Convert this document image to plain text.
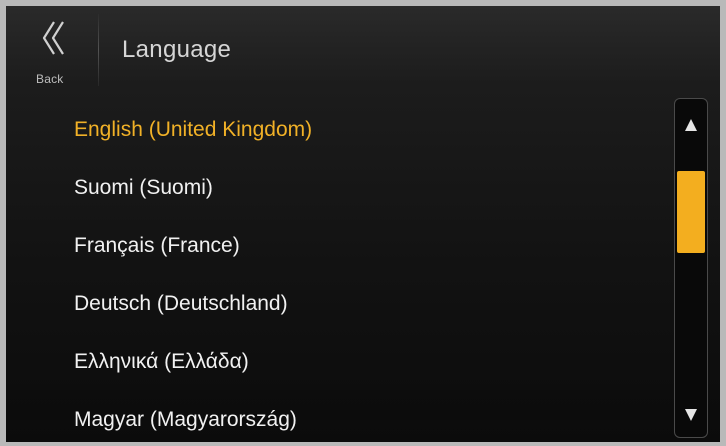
Back
Language
English (United Kingdom)
Suomi (Suomi)
Français (France)
Deutsch (Deutschland)
Ελληνικά (Ελλάδα)
Magyar (Magyarország)
